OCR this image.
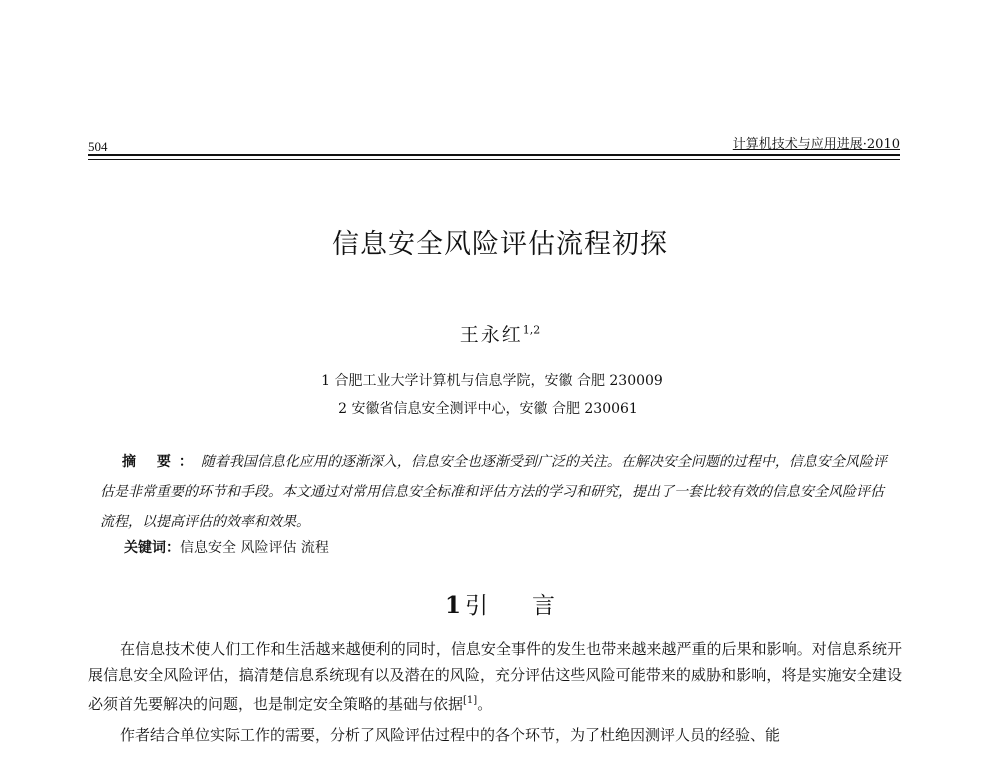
504	计算机技术与应用进展·2010
信息安全风险评估流程初探
王永红$^{1,2}$
1 合肥工业大学计算机与信息学院，安徽 合肥 230009
2 安徽省信息安全测评中心，安徽 合肥 230061
摘 要：随着我国信息化应用的逐渐深入，信息安全也逐渐受到广泛的关注。在解决安全问题的过程中，信息安全风险评估是非常重要的环节和手段。本文通过对常用信息安全标准和评估方法的学习和研究，提出了一套比较有效的信息安全风险评估流程，以提高评估的效率和效果。
关键词：信息安全 风险评估 流程
1 引 言
在信息技术使人们工作和生活越来越便利的同时，信息安全事件的发生也带来越来越严重的后果和影响。对信息系统开展信息安全风险评估，搞清楚信息系统现有以及潜在的风险，充分评估这些风险可能带来的威胁和影响，将是实施安全建设必须首先要解决的问题，也是制定安全策略的基础与依据[1]。
作者结合单位实际工作的需要，分析了风险评估过程中的各个环节，为了杜绝因测评人员的经验、能
